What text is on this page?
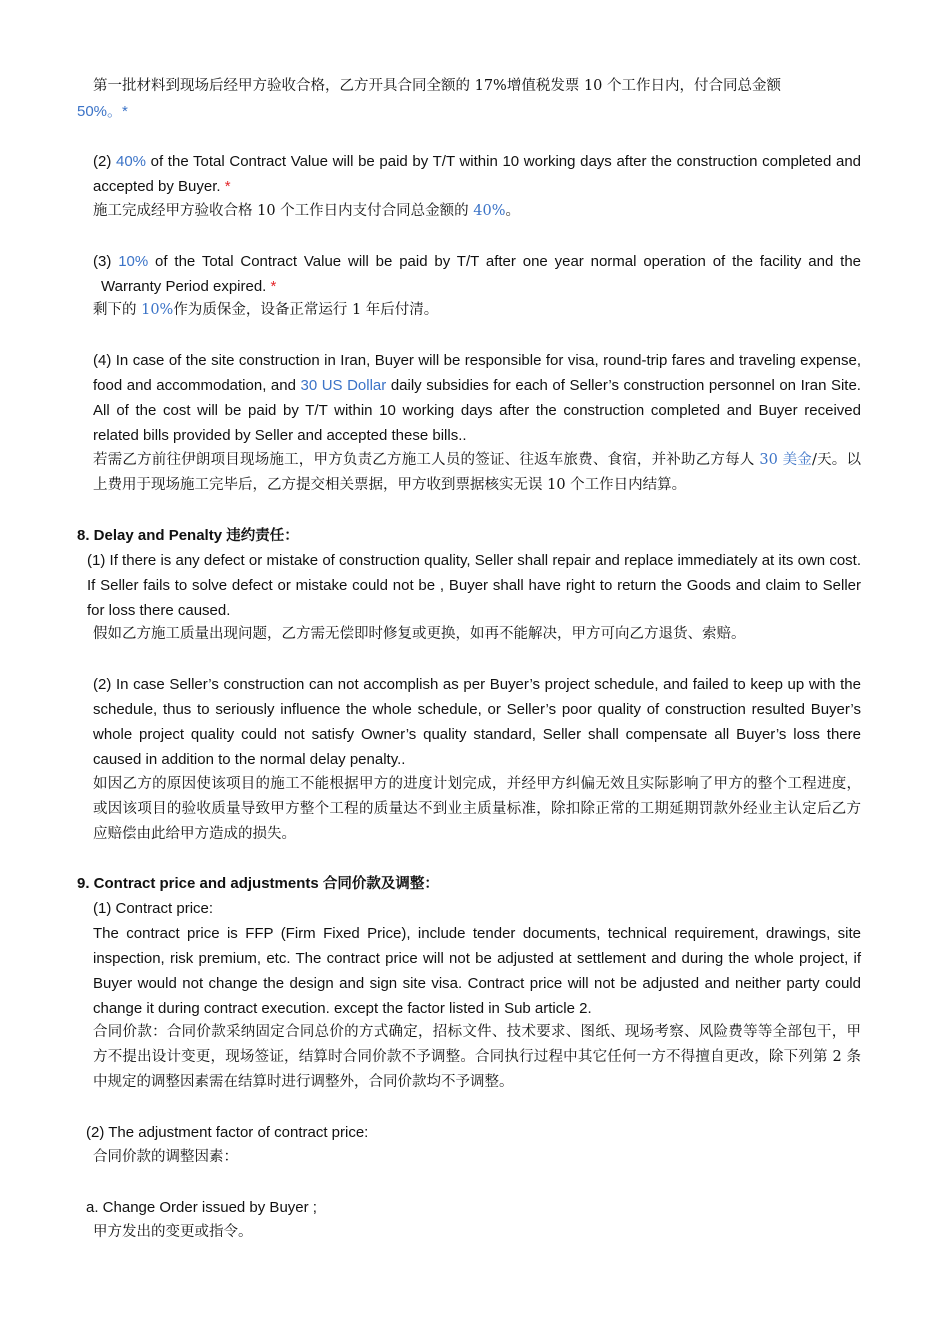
第一批材料到现场后经甲方验收合格，乙方开具合同全额的 17%增值税发票 10 个工作日内，付合同总金额
50%。*
(2) 40% of the Total Contract Value will be paid by T/T within 10 working days after the construction completed and accepted by Buyer. *
施工完成经甲方验收合格 10 个工作日内支付合同总金额的 40%。
(3) 10% of the Total Contract Value will be paid by T/T after one year normal operation of the facility and the
Warranty Period expired. *
剩下的 10%作为质保金，设备正常运行 1 年后付清。
(4) In case of the site construction in Iran, Buyer will be responsible for visa, round-trip fares and traveling expense, food and accommodation, and 30 US Dollar daily subsidies for each of Seller’s construction personnel on Iran Site. All of the cost will be paid by T/T within 10 working days after the construction completed and Buyer received related bills provided by Seller and accepted these bills..
若需乙方前往伊朗项目现场施工，甲方负责乙方施工人员的签证、往返车旅费、食宿，并补助乙方每人 30 美金/天。以上费用于现场施工完毕后，乙方提交相关票据，甲方收到票据核实无误 10 个工作日内结算。
8. Delay and Penalty 违约责任：
(1) If there is any defect or mistake of construction quality, Seller shall repair and replace immediately at its own cost. If Seller fails to solve defect or mistake could not be , Buyer shall have right to return the Goods and claim to Seller for loss there caused.
假如乙方施工质量出现问题，乙方需无偿即时修复或更换，如再不能解决，甲方可向乙方退货、索赔。
(2) In case Seller’s construction can not accomplish as per Buyer’s project schedule, and failed to keep up with the schedule, thus to seriously influence the whole schedule, or Seller’s poor quality of construction resulted Buyer’s whole project quality could not satisfy Owner’s quality standard, Seller shall compensate all Buyer’s loss there caused in addition to the normal delay penalty..
如因乙方的原因使该项目的施工不能根据甲方的进度计划完成，并经甲方纠偏无效且实际影响了甲方的整个工程进度，或因该项目的验收质量导致甲方整个工程的质量达不到业主质量标准，除扣除正常的工期延期罚款外经业主认定后乙方应赔偿由此给甲方造成的损失。
9. Contract price and adjustments 合同价款及调整：
(1) Contract price:
The contract price is FFP (Firm Fixed Price), include tender documents, technical requirement, drawings, site inspection, risk premium, etc. The contract price will not be adjusted at settlement and during the whole project, if Buyer would not change the design and sign site visa. Contract price will not be adjusted and neither party could change it during contract execution. except the factor listed in Sub article 2.
合同价款：合同价款采纳固定合同总价的方式确定，招标文件、技术要求、图纸、现场考察、风险费等等全部包干，甲方不提出设计变更，现场签证，结算时合同价款不予调整。合同执行过程中其它任何一方不得擅自更改，除下列第 2 条中规定的调整因素需在结算时进行调整外，合同价款均不予调整。
(2) The adjustment factor of contract price:
合同价款的调整因素：
a. Change Order issued by Buyer ;
甲方发出的变更或指令。
